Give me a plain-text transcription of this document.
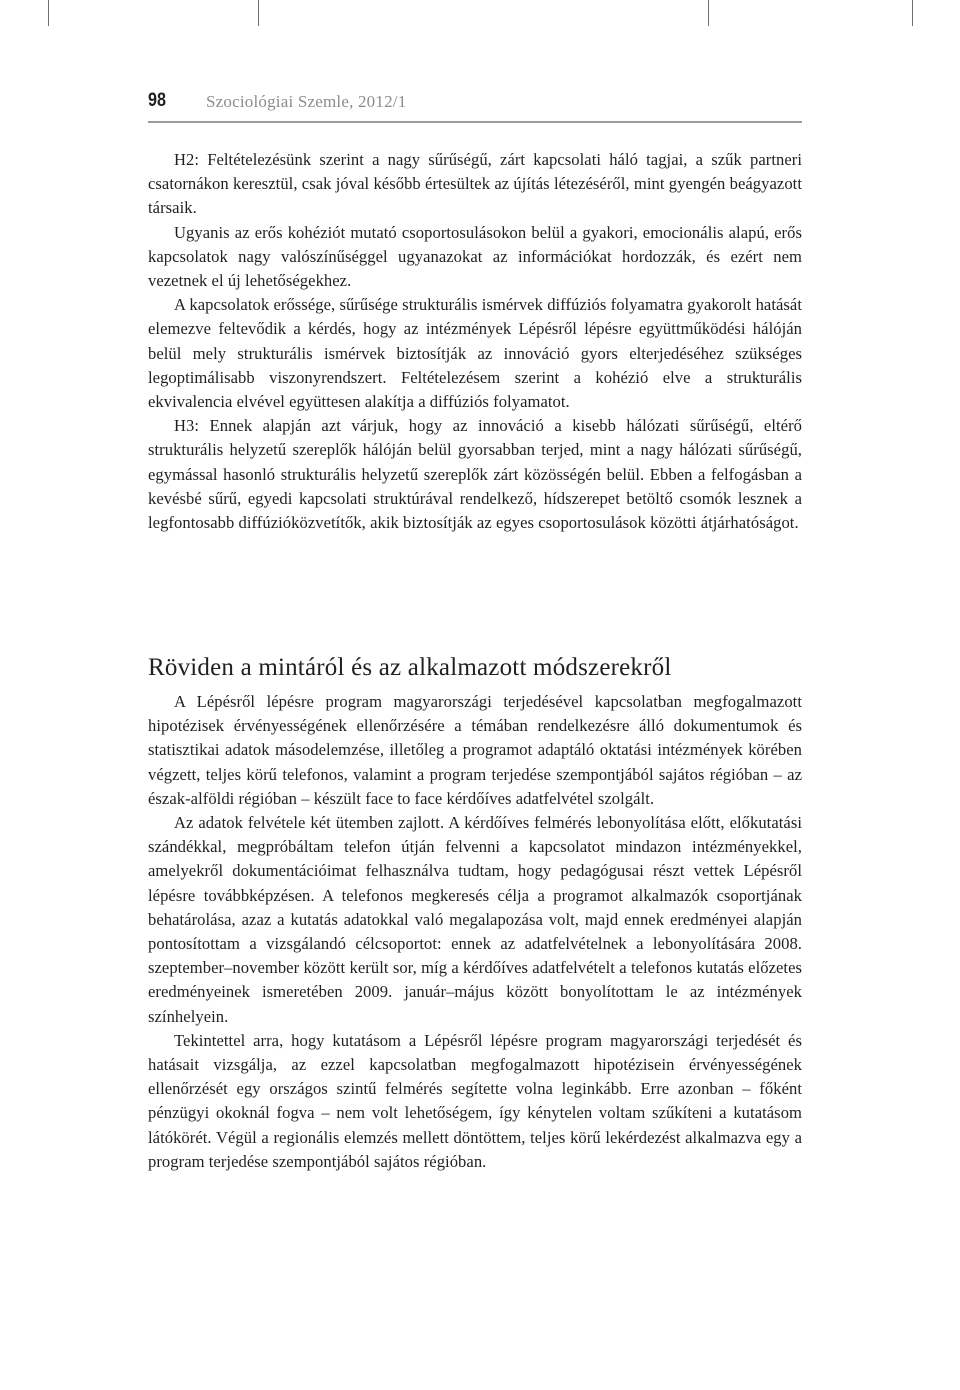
98 Szociológiai Szemle, 2012/1

H2: Feltételezésünk szerint a nagy sűrűségű, zárt kapcsolati háló tagjai, a szűk partneri csatornákon keresztül, csak jóval később értesültek az újítás létezéséről, mint gyengén beágyazott társaik.

Ugyanis az erős kohéziót mutató csoportosulásokon belül a gyakori, emocionális alapú, erős kapcsolatok nagy valószínűséggel ugyanazokat az információkat hordozzák, és ezért nem vezetnek el új lehetőségekhez.

A kapcsolatok erőssége, sűrűsége strukturális ismérvek diffúziós folyamatra gyakorolt hatását elemezve feltevődik a kérdés, hogy az intézmények Lépésről lépésre együttműködési hálóján belül mely strukturális ismérvek biztosítják az innováció gyors elterjedéséhez szükséges legoptimálisabb viszonyrendszert. Feltételezésem szerint a kohézió elve a strukturális ekvivalencia elvével együttesen alakítja a diffúziós folyamatot.

H3: Ennek alapján azt várjuk, hogy az innováció a kisebb hálózati sűrűségű, eltérő strukturális helyzetű szereplők hálóján belül gyorsabban terjed, mint a nagy hálózati sűrűségű, egymással hasonló strukturális helyzetű szereplők zárt közösségén belül. Ebben a felfogásban a kevésbé sűrű, egyedi kapcsolati struktúrával rendelkező, hídszerepet betöltő csomók lesznek a legfontosabb diffúzióközvetítők, akik biztosítják az egyes csoportosulások közötti átjárhatóságot.

Röviden a mintáról és az alkalmazott módszerekről

A Lépésről lépésre program magyarországi terjedésével kapcsolatban megfogalmazott hipotézisek érvényességének ellenőrzésére a témában rendelkezésre álló dokumentumok és statisztikai adatok másodelemzése, illetőleg a programot adaptáló oktatási intézmények körében végzett, teljes körű telefonos, valamint a program terjedése szempontjából sajátos régióban – az észak-alföldi régióban – készült face to face kérdőíves adatfelvétel szolgált.

Az adatok felvétele két ütemben zajlott. A kérdőíves felmérés lebonyolítása előtt, előkutatási szándékkal, megpróbáltam telefon útján felvenni a kapcsolatot mindazon intézményekkel, amelyekről dokumentációimat felhasználva tudtam, hogy pedagógusai részt vettek Lépésről lépésre továbbképzésen. A telefonos megkeresés célja a programot alkalmazók csoportjának behatárolása, azaz a kutatás adatokkal való megalapozása volt, majd ennek eredményei alapján pontosítottam a vizsgálandó célcsoportot: ennek az adatfelvételnek a lebonyolítására 2008. szeptember–november között került sor, míg a kérdőíves adatfelvételt a telefonos kutatás előzetes eredményeinek ismeretében 2009. január–május között bonyolítottam le az intézmények színhelyein.

Tekintettel arra, hogy kutatásom a Lépésről lépésre program magyarországi terjedését és hatásait vizsgálja, az ezzel kapcsolatban megfogalmazott hipotézisein érvényességének ellenőrzését egy országos szintű felmérés segítette volna leginkább. Erre azonban – főként pénzügyi okoknál fogva – nem volt lehetőségem, így kénytelen voltam szűkíteni a kutatásom látókörét. Végül a regionális elemzés mellett döntöttem, teljes körű lekérdezést alkalmazva egy a program terjedése szempontjából sajátos régióban.
